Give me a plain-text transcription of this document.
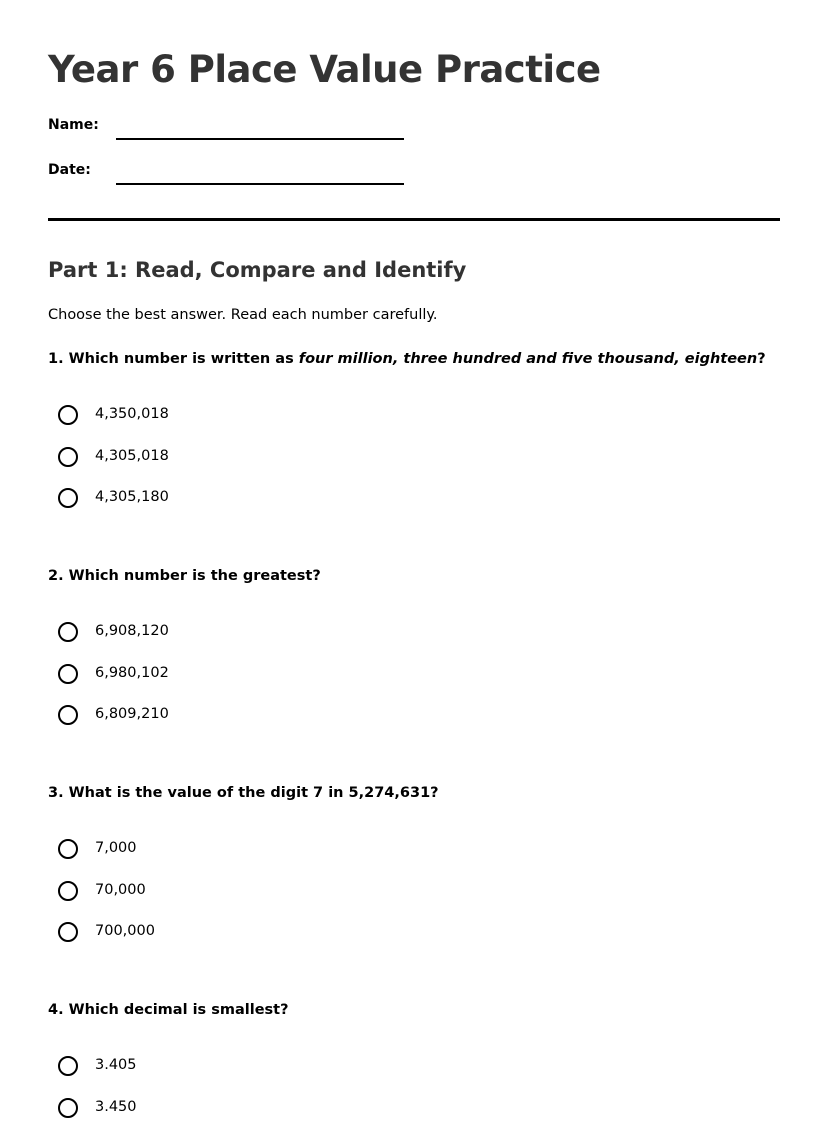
Year 6 Place Value Practice
Name:
Date:
Part 1: Read, Compare and Identify

Choose the best answer. Read each number carefully.

1. Which number is written as four million, three hundred and five thousand, eighteen?

4,350,018
4,305,018
4,305,180

2. Which number is the greatest?

6,908,120
6,980,102
6,809,210

3. What is the value of the digit 7 in 5,274,631?

7,000
70,000
700,000

4. Which decimal is smallest?

3.405
3.450
